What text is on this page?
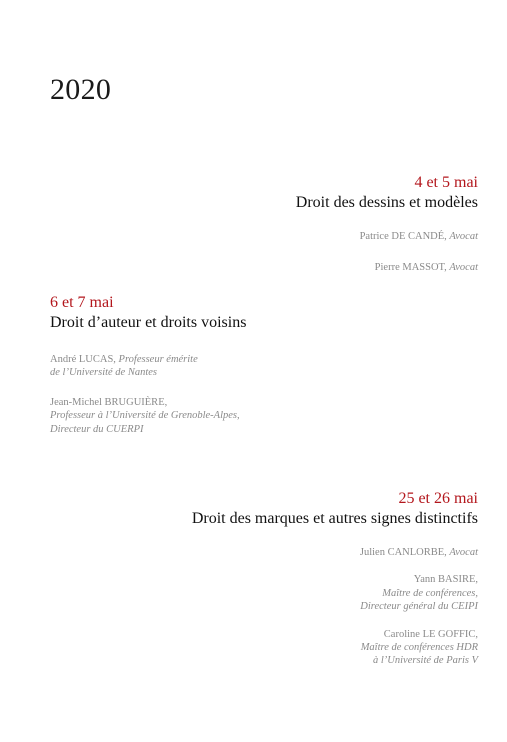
2020

4 et 5 mai

Droit des dessins et modèles

Patrice DE CANDÉ, Avocat
Pierre MASSOT, Avocat

6 et 7 mai

Droit d’auteur et droits voisins

André LUCAS, Professeur émérite
de l’Université de Nantes
Jean-Michel BRUGUIÈRE,
Professeur à l’Université de Grenoble-Alpes,
Directeur du CUERPI

25 et 26 mai

Droit des marques et autres signes distinctifs

Julien CANLORBE, Avocat
Yann BASIRE,
Maître de conférences,
Directeur général du CEIPI
Caroline LE GOFFIC,
Maître de conférences HDR
à l’Université de Paris V
